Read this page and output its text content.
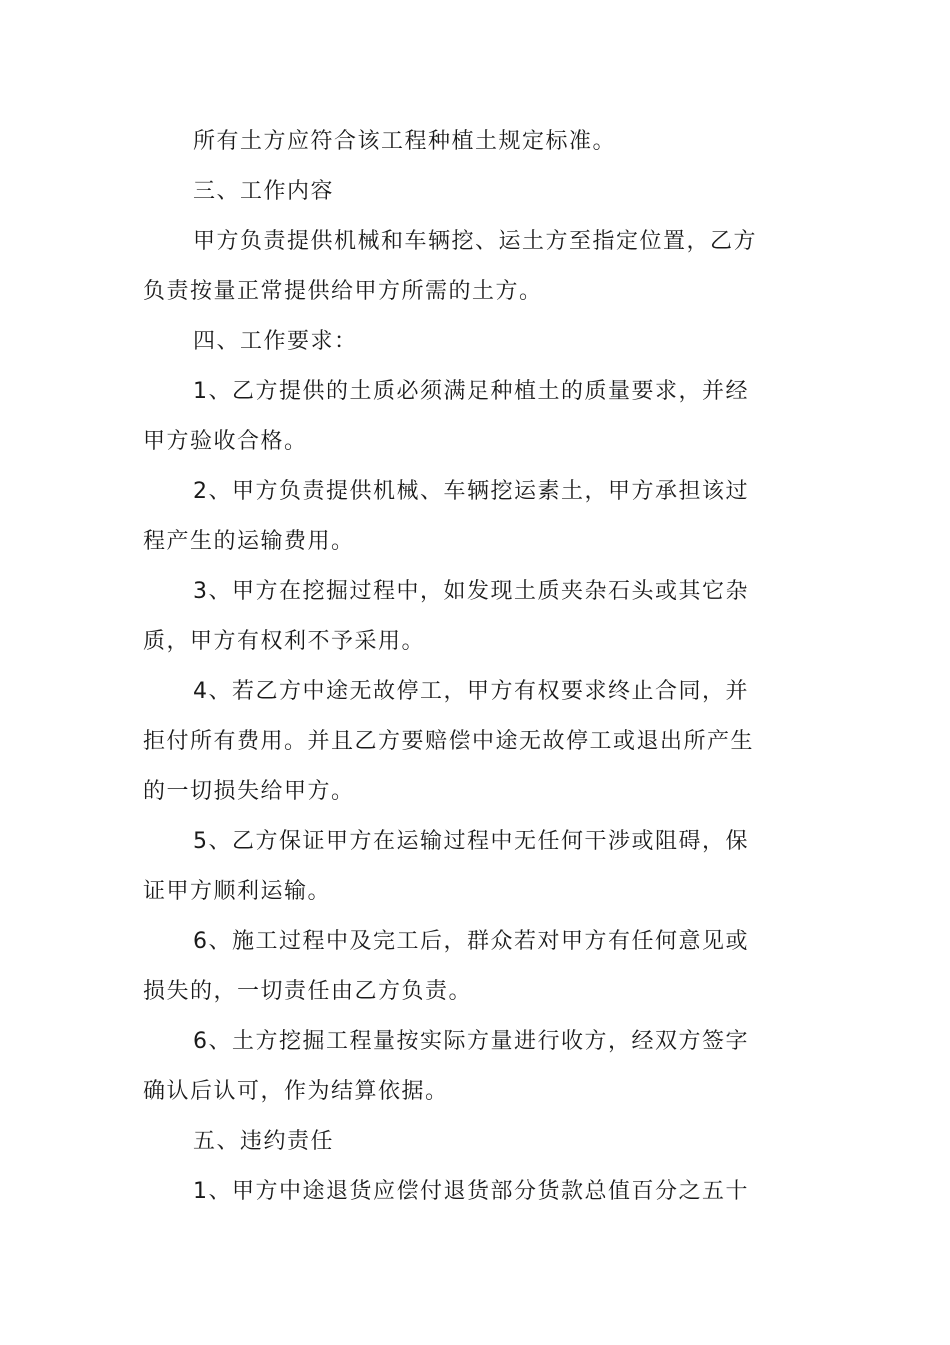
所有土方应符合该工程种植土规定标准。

三、工作内容

甲方负责提供机械和车辆挖、运土方至指定位置，乙方

负责按量正常提供给甲方所需的土方。

四、工作要求：

1、乙方提供的土质必须满足种植土的质量要求，并经

甲方验收合格。

2、甲方负责提供机械、车辆挖运素土，甲方承担该过

程产生的运输费用。

3、甲方在挖掘过程中，如发现土质夹杂石头或其它杂

质，甲方有权利不予采用。

4、若乙方中途无故停工，甲方有权要求终止合同，并

拒付所有费用。并且乙方要赔偿中途无故停工或退出所产生

的一切损失给甲方。

5、乙方保证甲方在运输过程中无任何干涉或阻碍，保

证甲方顺利运输。

6、施工过程中及完工后，群众若对甲方有任何意见或

损失的，一切责任由乙方负责。

6、土方挖掘工程量按实际方量进行收方，经双方签字

确认后认可，作为结算依据。

五、违约责任

1、甲方中途退货应偿付退货部分货款总值百分之五十
